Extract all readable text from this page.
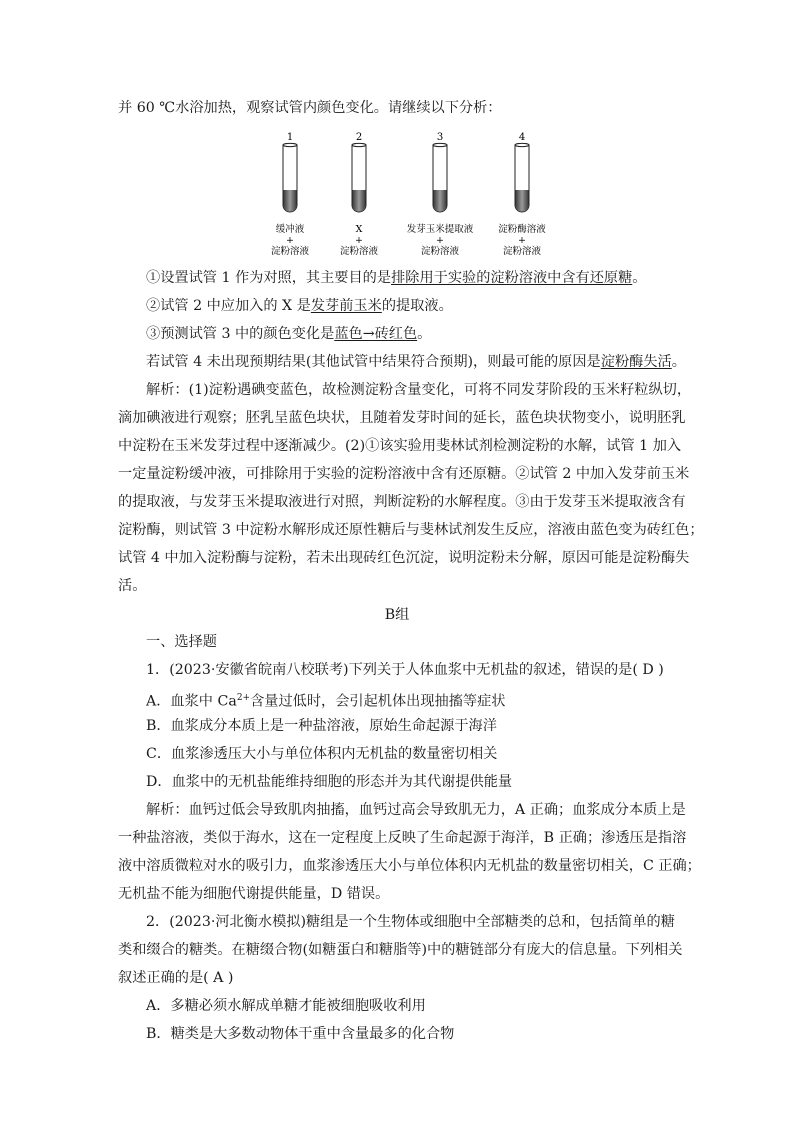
并 60 ℃水浴加热，观察试管内颜色变化。请继续以下分析：
1
缓冲液
+
淀粉溶液
2
X
+
淀粉溶液
3
发芽玉米提取液
+
淀粉溶液
4
淀粉酶溶液
+
淀粉溶液
①设置试管 1 作为对照，其主要目的是排除用于实验的淀粉溶液中含有还原糖。
②试管 2 中应加入的 X 是发芽前玉米的提取液。
③预测试管 3 中的颜色变化是蓝色→砖红色。
若试管 4 未出现预期结果(其他试管中结果符合预期)，则最可能的原因是淀粉酶失活。
解析：(1)淀粉遇碘变蓝色，故检测淀粉含量变化，可将不同发芽阶段的玉米籽粒纵切，
滴加碘液进行观察；胚乳呈蓝色块状，且随着发芽时间的延长，蓝色块状物变小，说明胚乳
中淀粉在玉米发芽过程中逐渐减少。(2)①该实验用斐林试剂检测淀粉的水解，试管 1 加入
一定量淀粉缓冲液，可排除用于实验的淀粉溶液中含有还原糖。②试管 2 中加入发芽前玉米
的提取液，与发芽玉米提取液进行对照，判断淀粉的水解程度。③由于发芽玉米提取液含有
淀粉酶，则试管 3 中淀粉水解形成还原性糖后与斐林试剂发生反应，溶液由蓝色变为砖红色；
试管 4 中加入淀粉酶与淀粉，若未出现砖红色沉淀，说明淀粉未分解，原因可能是淀粉酶失
活。
B组
一、选择题
1．(2023·安徽省皖南八校联考)下列关于人体血浆中无机盐的叙述，错误的是( D )
A．血浆中 $Ca^{2+}$含量过低时，会引起机体出现抽搐等症状
B．血浆成分本质上是一种盐溶液，原始生命起源于海洋
C．血浆渗透压大小与单位体积内无机盐的数量密切相关
D．血浆中的无机盐能维持细胞的形态并为其代谢提供能量
解析：血钙过低会导致肌肉抽搐，血钙过高会导致肌无力，A 正确；血浆成分本质上是
一种盐溶液，类似于海水，这在一定程度上反映了生命起源于海洋，B 正确；渗透压是指溶
液中溶质微粒对水的吸引力，血浆渗透压大小与单位体积内无机盐的数量密切相关，C 正确；
无机盐不能为细胞代谢提供能量，D 错误。
2．(2023·河北衡水模拟)糖组是一个生物体或细胞中全部糖类的总和，包括简单的糖
类和缀合的糖类。在糖缀合物(如糖蛋白和糖脂等)中的糖链部分有庞大的信息量。下列相关
叙述正确的是( A )
A．多糖必须水解成单糖才能被细胞吸收利用
B．糖类是大多数动物体干重中含量最多的化合物
